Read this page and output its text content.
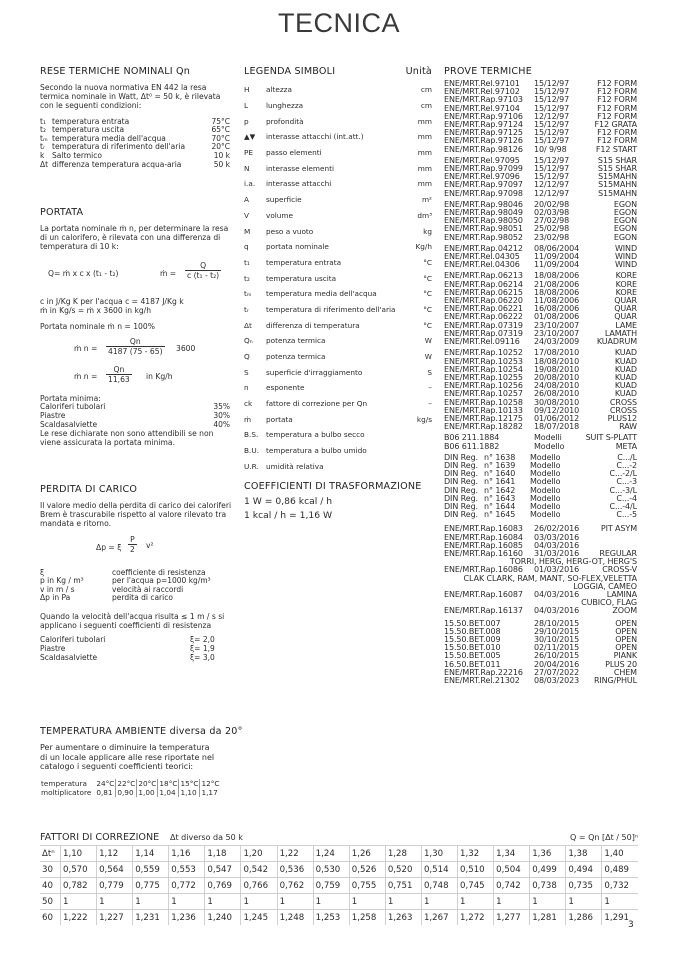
TECNICA
RESE TERMICHE NOMINALI Qn
Secondo la nuova normativa EN 442 la resa
termica nominale in Watt, Δt⁰ = 50 k, è rilevata
con le seguenti condizioni:
t₁	temperatura entrata	75°C
t₂	temperatura uscita	65°C
tₘ	temperatura media dell'acqua	70°C
tᵣ	temperatura di riferimento dell'aria	20°C
k	Salto termico	10 k
Δt	differenza temperatura acqua-aria	50 k
PORTATA
La portata nominale ṁ n, per determinare la resa
di un calorifero, è rilevata con una differenza di
temperatura di 10 k:
Q= ṁ x c x (t₁ - t₂)	ṁ = $\frac{Q}{\text{c (t₁ - t₂)}}$
c in J/Kg K per l'acqua c = 4187 J/Kg k
ṁ in Kg/s = ṁ x 3600 in kg/h
Portata nominale ṁ n = 100%
ṁ $n = \frac{Qn}{4187 (75 - 65)} 3600$
ṁ $n = \frac{Qn}{11,63}$ in Kg/h
Portata minima:
Caloriferi tubolari	35%
Piastre	30%
Scaldasalviette	40%
Le rese dichiarate non sono attendibili se non
viene assicurata la portata minima.
PERDITA DI CARICO
Il valore medio della perdita di carico dei caloriferi
Brem è trascurabile rispetto al valore rilevato tra
mandata e ritorno.
Δp = ξ $\frac{P}{2} v^2$
ξ	coefficiente di resistenza
p in Kg / m³	per l'acqua p=1000 kg/m³
v in m / s	velocità ai raccordi
Δp in Pa	perdita di carico
Quando la velocità dell'acqua risulta ≤ 1 m / s si
applicano i seguenti coefficienti di resistenza
Caloriferi tubolari	ξ= 2,0
Piastre	ξ= 1,9
Scaldasalviette	ξ= 3,0
TEMPERATURA AMBIENTE diversa da 20°
Per aumentare o diminuire la temperatura
di un locale applicare alle rese riportate nel
catalogo i seguenti coefficienti teorici:
temperatura	24°C	22°C	20°C	18°C	15°C	12°C
moltiplicatore	0,81	0,90	1,00	1,04	1,10	1,17
LEGENDA SIMBOLI	Unità
H	altezza	cm
L	lunghezza	cm
p	profondità	mm
▲▼	interasse attacchi (int.att.)	mm
PE	passo elementi	mm
N	interasse elementi	mm
i.a.	interasse attacchi	mm
A	superficie	m²
V	volume	dm³
M	peso a vuoto	kg
q	portata nominale	Kg/h
t₁	temperatura entrata	°C
t₂	temperatura uscita	°C
tₘ	temperatura media dell'acqua	°C
tᵣ	temperatura di riferimento dell'aria	°C
Δt	differenza di temperatura	°C
Qₙ	potenza termica	W
Q	potenza termica	W
S	superficie d'irraggiamento	S
n	esponente	–
ck	fattore di correzione per Qn	–
ṁ	portata	kg/s
B.S.	temperatura a bulbo secco	
B.U.	temperatura a bulbo umido	
U.R.	umidità relativa	
COEFFICIENTI DI TRASFORMAZIONE
1 W = 0,86 kcal / h
1 kcal / h = 1,16 W
PROVE TERMICHE
ENE/MRT.Rel.97101	15/12/97	F12 FORM
ENE/MRT.Rel.97102	15/12/97	F12 FORM
ENE/MRT.Rap.97103	15/12/97	F12 FORM
ENE/MRT.Rel.97104	15/12/97	F12 FORM
ENE/MRT.Rap.97106	12/12/97	F12 FORM
ENE/MRT.Rap.97124	15/12/97	F12 GRATA
ENE/MRT.Rap.97125	15/12/97	F12 FORM
ENE/MRT.Rap.97126	15/12/97	F12 FORM
ENE/MRT.Rap.98126	10/ 9/98	F12 START
ENE/MRT.Rel.97095	15/12/97	S15 SHAR
ENE/MRT.Rap.97099	15/12/97	S15 SHAR
ENE/MRT.Rel.97096	15/12/97	S15MAHN
ENE/MRT.Rap.97097	12/12/97	S15MAHN
ENE/MRT.Rap.97098	12/12/97	S15MAHN
ENE/MRT.Rap.98046	20/02/98	EGON
ENE/MRT.Rap.98049	02/03/98	EGON
ENE/MRT.Rap.98050	27/02/98	EGON
ENE/MRT.Rap.98051	25/02/98	EGON
ENE/MRT.Rap.98052	23/02/98	EGON
ENE/MRT.Rap.04212	08/06/2004	WIND
ENE/MRT.Rel.04305	11/09/2004	WIND
ENE/MRT.Rel.04306	11/09/2004	WIND
ENE/MRT.Rap.06213	18/08/2006	KORE
ENE/MRT.Rap.06214	21/08/2006	KORE
ENE/MRT.Rap.06215	18/08/2006	KORE
ENE/MRT.Rap.06220	11/08/2006	QUAR
ENE/MRT.Rap.06221	16/08/2006	QUAR
ENE/MRT.Rap.06222	01/08/2006	QUAR
ENE/MRT.Rap.07319	23/10/2007	LAME
ENE/MRT.Rap.07319	23/10/2007	LAMATH
ENE/MRT.Rel.09116	24/03/2009	KUADRUM
ENE/MRT.Rap.10252	17/08/2010	KUAD
ENE/MRT.Rap.10253	18/08/2010	KUAD
ENE/MRT.Rap.10254	19/08/2010	KUAD
ENE/MRT.Rap.10255	20/08/2010	KUAD
ENE/MRT.Rap.10256	24/08/2010	KUAD
ENE/MRT.Rap.10257	26/08/2010	KUAD
ENE/MRT.Rap.10258	30/08/2010	CROSS
ENE/MRT.Rap.10133	09/12/2010	CROSS
ENE/MRT.Rap.12175	01/06/2012	PLUS12
ENE/MRT.Rap.18282	18/07/2018	RAW
B06 211.1884	Modelli	SUIT S-PLATT
B06 611.1882	Modello	META
DIN Reg.	n° 1638	Modello	C.../L
DIN Reg.	n° 1639	Modello	C...-2
DIN Reg.	n° 1640	Modello	C...-2/L
DIN Reg.	n° 1641	Modello	C...-3
DIN Reg.	n° 1642	Modello	C...-3/L
DIN Reg.	n° 1643	Modello	C...-4
DIN Reg.	n° 1644	Modello	C...-4/L
DIN Reg.	n° 1645	Modello	C...-5
ENE/MRT.Rap.16083	26/02/2016	PIT ASYM
ENE/MRT.Rap.16084	03/03/2016	
ENE/MRT.Rap.16085	04/03/2016	
ENE/MRT.Rap.16160	31/03/2016	REGULAR
TORRI, HERG, HERG-OT, HERG'S		
ENE/MRT.Rap.16086	01/03/2016	CROSS-V
CLAK CLARK, RAM, MANT, SO-FLEX,VELETTA		
LOGGIA, CAMEO		
ENE/MRT.Rap.16087	04/03/2016	LAMINA
CUBICO, FLAG		
ENE/MRT.Rap.16137	04/03/2016	ZOOM
15.50.BET.007	28/10/2015	OPEN
15.50.BET.008	29/10/2015	OPEN
15.50.BET.009	30/10/2015	OPEN
15.50.BET.010	02/11/2015	OPEN
15.50.BET.005	26/10/2015	PIANK
16.50.BET.011	20/04/2016	PLUS 20
ENE/MRT.Rap.22216	27/07/2022	CHEM
ENE/MRT.Rel.21302	08/03/2023	RING/PHUL
FATTORI DI CORREZIONE Δt diverso da 50 k	Q = Qn [Δt / 50]ⁿ
Δtⁿ	1,10	1,12	1,14	1,16	1,18	1,20	1,22	1,24	1,26	1,28	1,30	1,32	1,34	1,36	1,38	1,40
30	0,570	0,564	0,559	0,553	0,547	0,542	0,536	0,530	0,526	0,520	0,514	0,510	0,504	0,499	0,494	0,489
40	0,782	0,779	0,775	0,772	0,769	0,766	0,762	0,759	0,755	0,751	0,748	0,745	0,742	0,738	0,735	0,732
50	1	1	1	1	1	1	1	1	1	1	1	1	1	1	1	1
60	1,222	1,227	1,231	1,236	1,240	1,245	1,248	1,253	1,258	1,263	1,267	1,272	1,277	1,281	1,286	1,291
3
